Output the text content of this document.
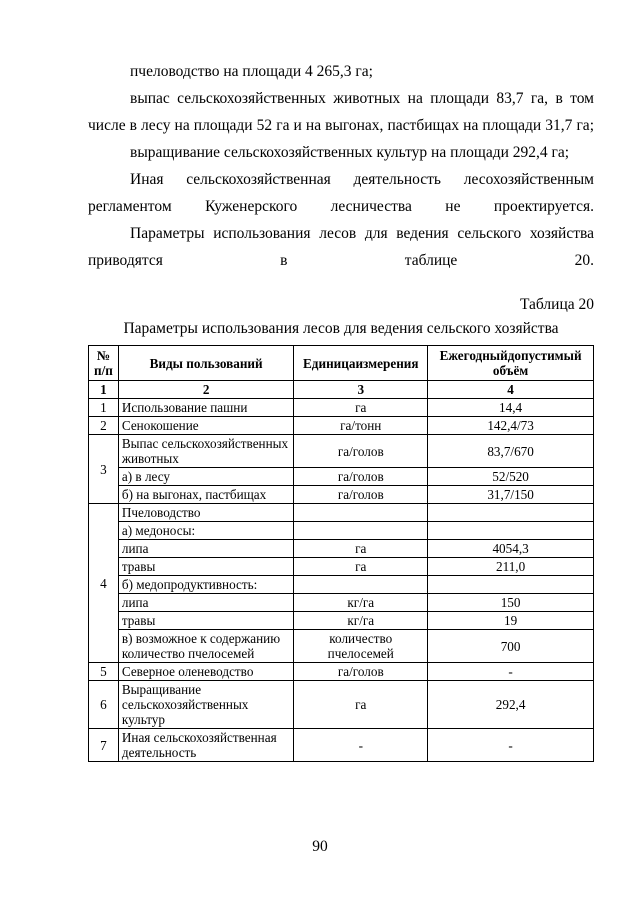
пчеловодство на площади 4 265,3 га;
выпас сельскохозяйственных животных на площади 83,7 га, в том числе в лесу на площади 52 га и на выгонах, пастбищах на площади 31,7 га;
выращивание сельскохозяйственных культур на площади 292,4 га;
Иная сельскохозяйственная деятельность лесохозяйственным регламентом Куженерского лесничества не проектируется.
Параметры использования лесов для ведения сельского хозяйства приводятся в таблице 20.
Таблица 20
Параметры использования лесов для ведения сельского хозяйства
№ п/п	Виды пользований	Единицаизмерения	Ежегодныйдопустимый объём
1	2	3	4
1	Использование пашни	га	14,4
2	Сенокошение	га/тонн	142,4/73
3	Выпас сельскохозяйственных животных	га/голов	83,7/670
	а) в лесу	га/голов	52/520
	б) на выгонах, пастбищах	га/голов	31,7/150
4	Пчеловодство		
	а) медоносы:		
	липа	га	4054,3
	травы	га	211,0
	б) медопродуктивность:		
	липа	кг/га	150
	травы	кг/га	19
	в) возможное к содержанию количество пчелосемей	количество пчелосемей	700
5	Северное оленеводство	га/голов	-
6	Выращивание сельскохозяйственных культур	га	292,4
7	Иная сельскохозяйственная деятельность	-	-
90
